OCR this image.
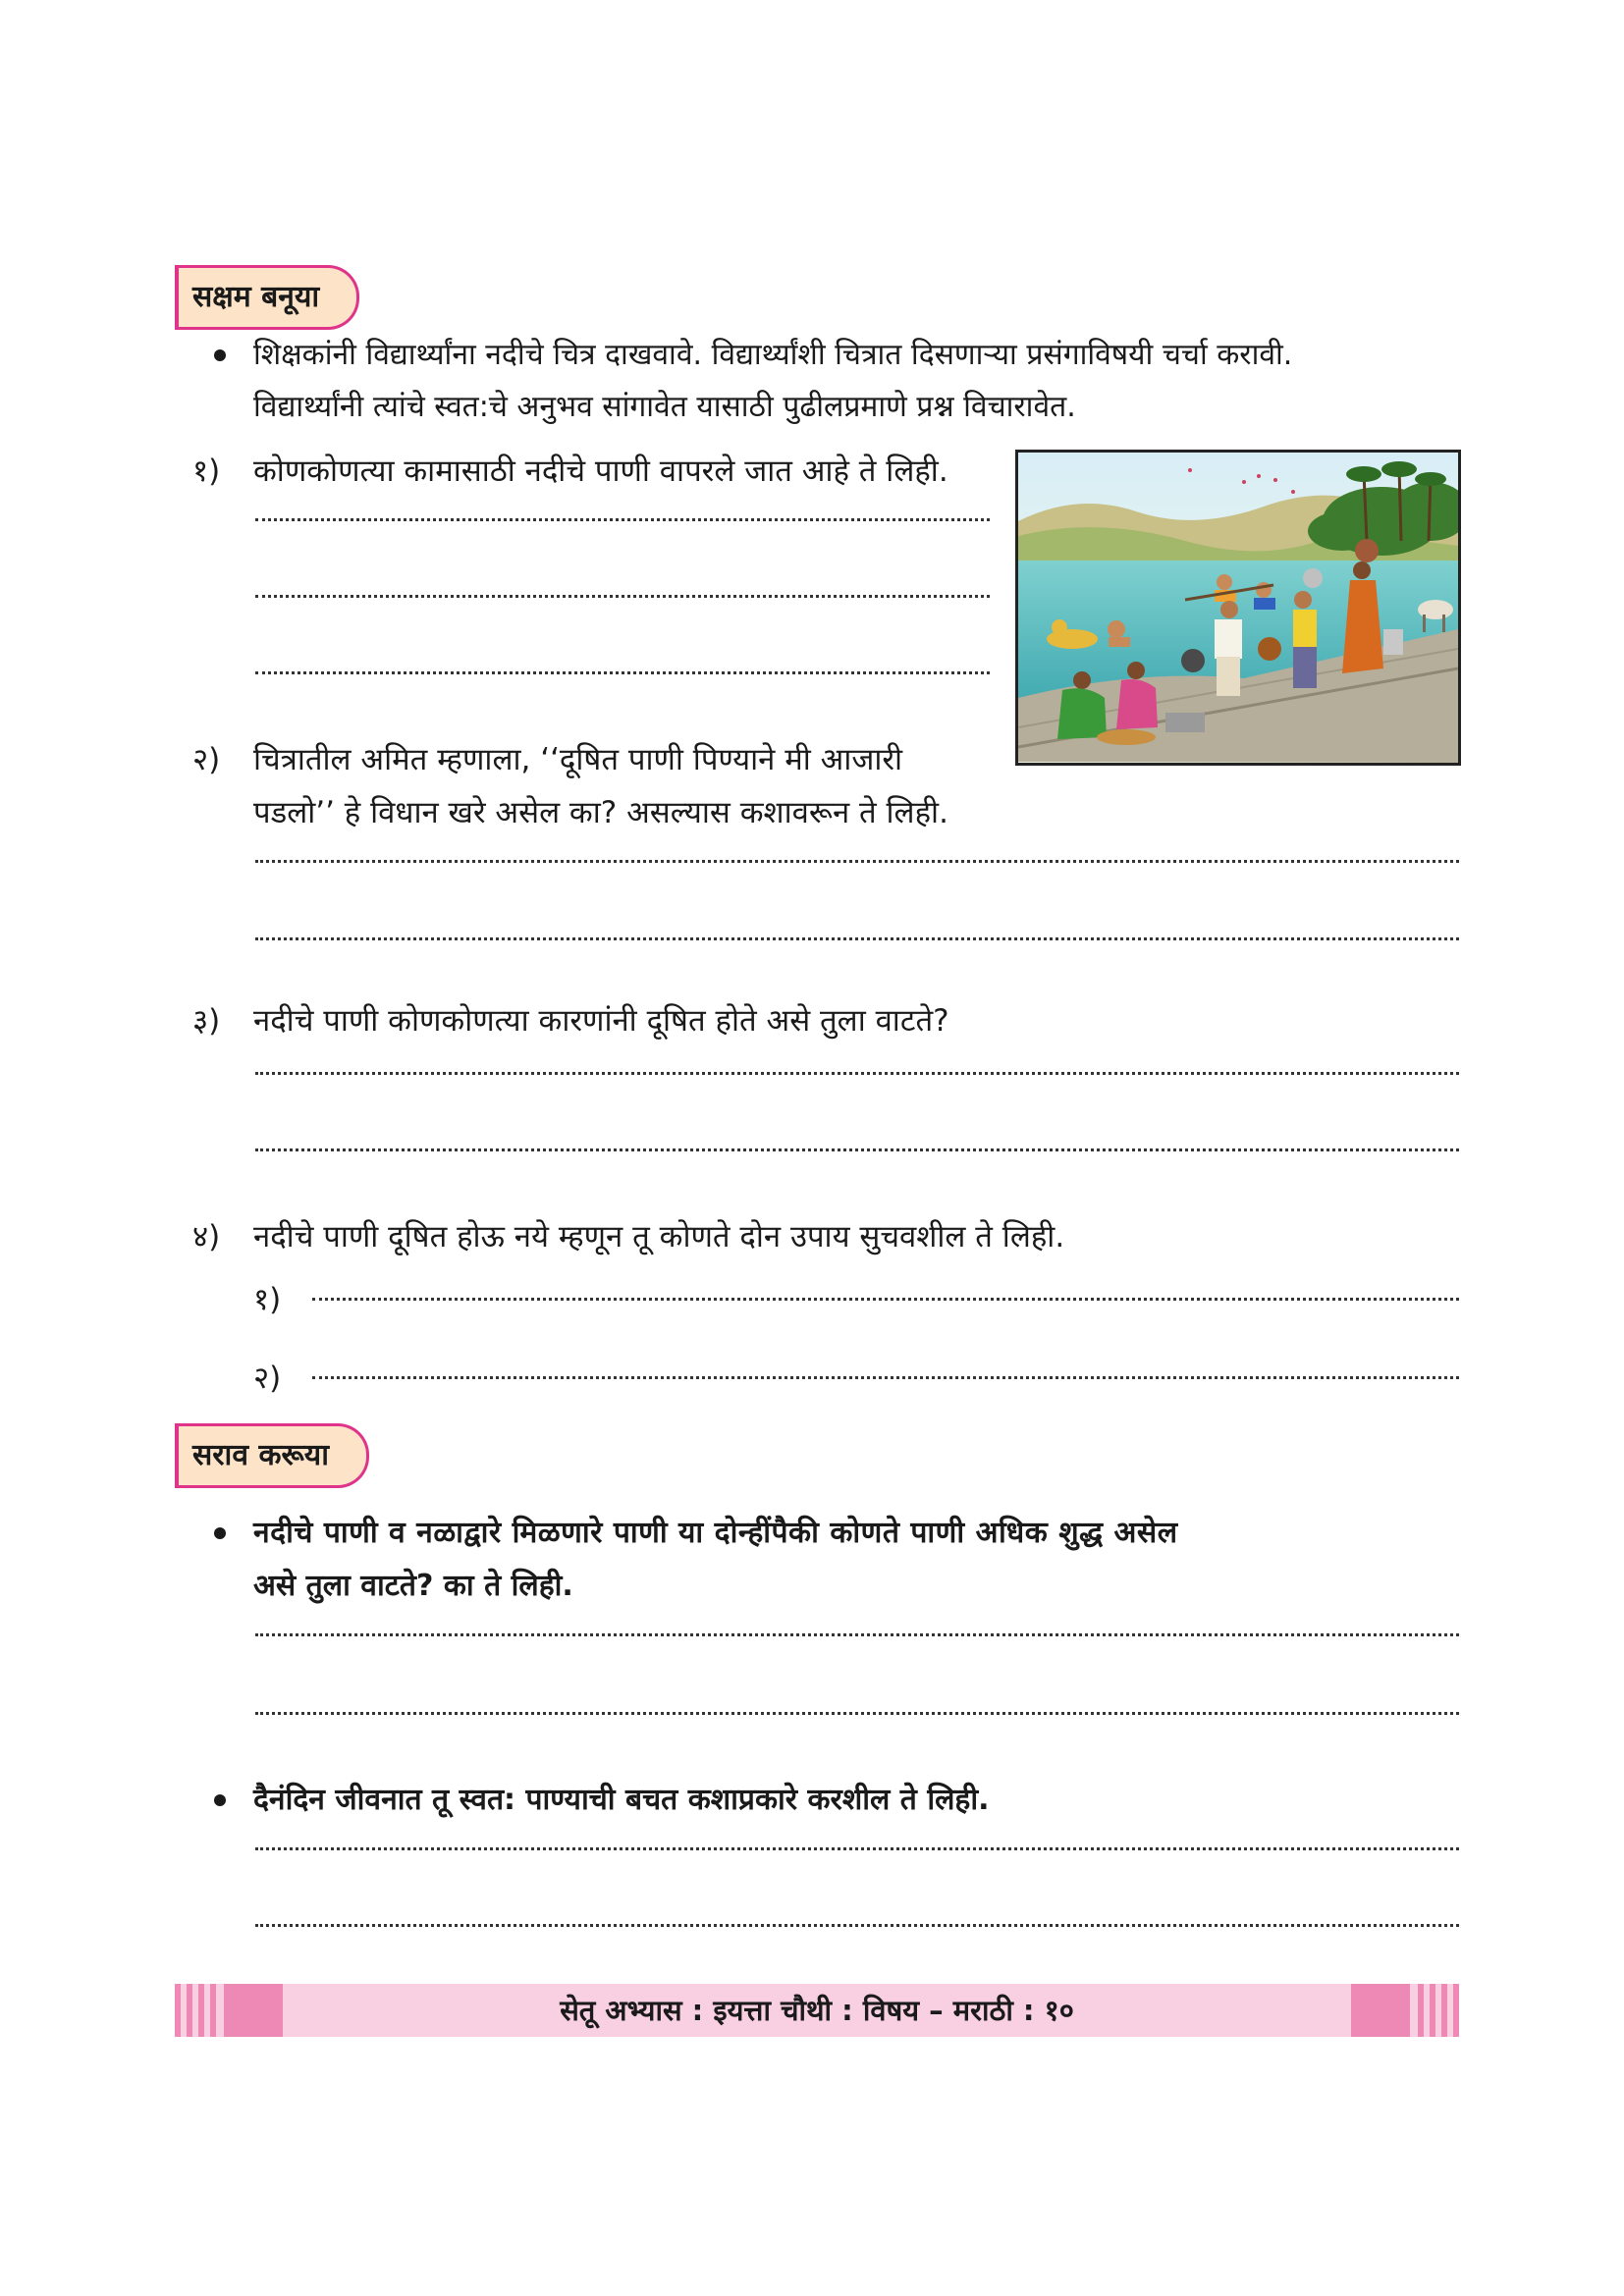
सक्षम बनूया
शिक्षकांनी विद्यार्थ्यांना नदीचे चित्र दाखवावे. विद्यार्थ्यांशी चित्रात दिसणाऱ्या प्रसंगाविषयी चर्चा करावी.
विद्यार्थ्यांनी त्यांचे स्वत:चे अनुभव सांगावेत यासाठी पुढीलप्रमाणे प्रश्न विचारावेत.
१) कोणकोणत्या कामासाठी नदीचे पाणी वापरले जात आहे ते लिही.
२) चित्रातील अमित म्हणाला, ‘‘दूषित पाणी पिण्याने मी आजारी
पडलो’’ हे विधान खरे असेल का? असल्यास कशावरून ते लिही.
३) नदीचे पाणी कोणकोणत्या कारणांनी दूषित होते असे तुला वाटते?
४) नदीचे पाणी दूषित होऊ नये म्हणून तू कोणते दोन उपाय सुचवशील ते लिही.
१)
२)
सराव करूया
नदीचे पाणी व नळाद्वारे मिळणारे पाणी या दोन्हींपैकी कोणते पाणी अधिक शुद्ध असेल
असे तुला वाटते? का ते लिही.
दैनंदिन जीवनात तू स्वत: पाण्याची बचत कशाप्रकारे करशील ते लिही.
सेतू अभ्यास : इयत्ता चौथी : विषय – मराठी : १०
